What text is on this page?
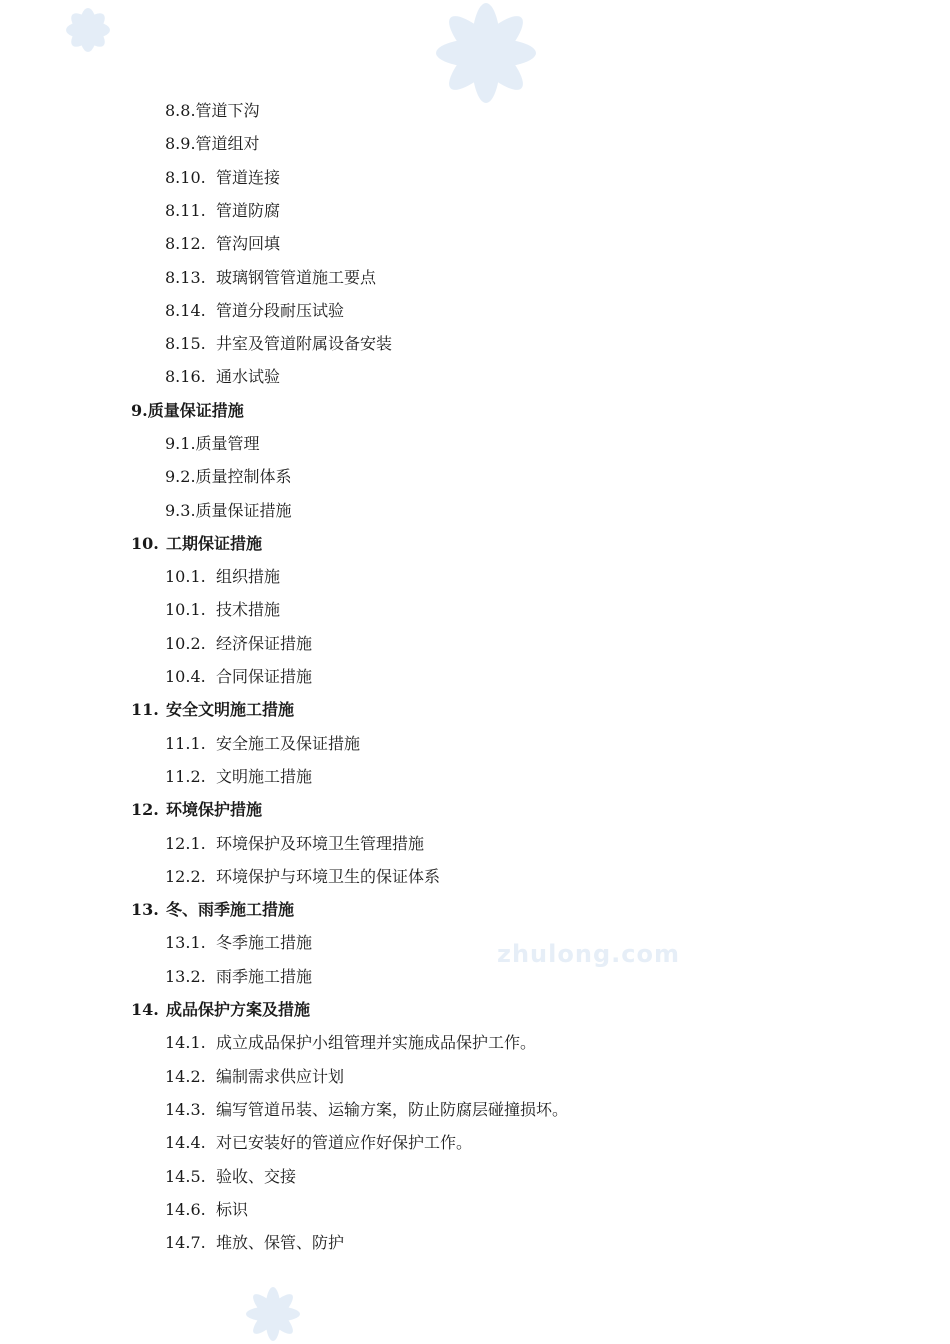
zhulong.com
8.8.管道下沟
8.9.管道组对
8.10. 管道连接
8.11. 管道防腐
8.12. 管沟回填
8.13. 玻璃钢管管道施工要点
8.14. 管道分段耐压试验
8.15. 井室及管道附属设备安装
8.16. 通水试验
9.质量保证措施
9.1.质量管理
9.2.质量控制体系
9.3.质量保证措施
10. 工期保证措施
10.1. 组织措施
10.1. 技术措施
10.2. 经济保证措施
10.4. 合同保证措施
11. 安全文明施工措施
11.1. 安全施工及保证措施
11.2. 文明施工措施
12. 环境保护措施
12.1. 环境保护及环境卫生管理措施
12.2. 环境保护与环境卫生的保证体系
13. 冬、雨季施工措施
13.1. 冬季施工措施
13.2. 雨季施工措施
14. 成品保护方案及措施
14.1. 成立成品保护小组管理并实施成品保护工作。
14.2. 编制需求供应计划
14.3. 编写管道吊装、运输方案，防止防腐层碰撞损坏。
14.4. 对已安装好的管道应作好保护工作。
14.5. 验收、交接
14.6. 标识
14.7. 堆放、保管、防护
